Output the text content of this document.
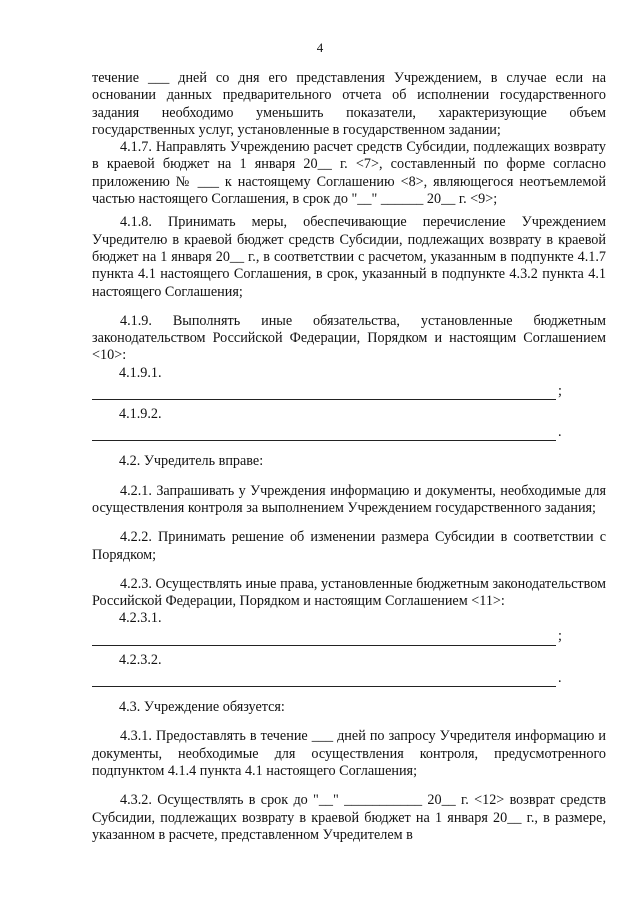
4

течение ___ дней со дня его представления Учреждением, в случае если на основании данных предварительного отчета об исполнении государственного задания необходимо уменьшить показатели, характеризующие объем государственных услуг, установленные в государственном задании;

4.1.7. Направлять Учреждению расчет средств Субсидии, подлежащих возврату в краевой бюджет на 1 января 20__ г. <7>, составленный по форме согласно приложению № ___ к настоящему Соглашению <8>, являющегося неотъемлемой частью настоящего Соглашения, в срок до "__" ______ 20__ г. <9>;

4.1.8. Принимать меры, обеспечивающие перечисление Учреждением Учредителю в краевой бюджет средств Субсидии, подлежащих возврату в краевой бюджет на 1 января 20__ г., в соответствии с расчетом, указанным в подпункте 4.1.7 пункта 4.1 настоящего Соглашения, в срок, указанный в подпункте 4.3.2 пункта 4.1 настоящего Соглашения;

4.1.9. Выполнять иные обязательства, установленные бюджетным законодательством Российской Федерации, Порядком и настоящим Соглашением <10>:

4.1.9.1.

;

4.1.9.2.

.

4.2. Учредитель вправе:

4.2.1. Запрашивать у Учреждения информацию и документы, необходимые для осуществления контроля за выполнением Учреждением государственного задания;

4.2.2. Принимать решение об изменении размера Субсидии в соответствии с Порядком;

4.2.3. Осуществлять иные права, установленные бюджетным законодательством Российской Федерации, Порядком и настоящим Соглашением <11>:

4.2.3.1.

;

4.2.3.2.

.

4.3. Учреждение обязуется:

4.3.1. Предоставлять в течение ___ дней по запросу Учредителя информацию и документы, необходимые для осуществления контроля, предусмотренного подпунктом 4.1.4 пункта 4.1 настоящего Соглашения;

4.3.2. Осуществлять в срок до "__" ___________ 20__ г. <12> возврат средств Субсидии, подлежащих возврату в краевой бюджет на 1 января 20__ г., в размере, указанном в расчете, представленном Учредителем в
